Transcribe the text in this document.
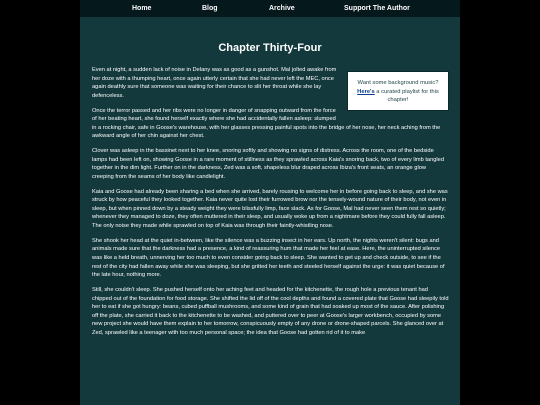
Home	Blog	Archive	Support The Author
Chapter Thirty-Four
Want some background music?
Here's a curated playlist for this chapter!

Even at night, a sudden lack of noise in Delany was as good as a gunshot. Mal jolted awake from her doze with a thumping heart, once again utterly certain that she had never left the MEC, once again deathly sure that someone was waiting for their chance to slit her throat while she lay defenceless.

Once the terror passed and her ribs were no longer in danger of snapping outward from the force of her beating heart, she found herself exactly where she had accidentally fallen asleep: slumped in a rocking chair, safe in Goose's warehouse, with her glasses pressing painful spots into the bridge of her nose, her neck aching from the awkward angle of her chin against her chest.

Clover was asleep in the bassinet next to her knee, snoring softly and showing no signs of distress. Across the room, one of the bedside lamps had been left on, showing Goose in a rare moment of stillness as they sprawled across Kaia's snoring back, two of every limb tangled together in the dim light. Further on in the darkness, Zed was a soft, shapeless blur draped across Ibiza's front seats, an orange glow creeping from the seams of her body like candlelight.

Kaia and Goose had already been sharing a bed when she arrived, barely rousing to welcome her in before going back to sleep, and she was struck by how peaceful they looked together. Kaia never quite lost their furrowed brow nor the tensely-wound nature of their body, not even in sleep, but when pinned down by a steady weight they were blissfully limp, face slack. As for Goose, Mal had never seen them rest so quietly; whenever they managed to doze, they often muttered in their sleep, and usually woke up from a nightmare before they could fully fall asleep. The only noise they made while sprawled on top of Kaia was through their faintly-whistling nose.

She shook her head at the quiet in-between, like the silence was a buzzing insect in her ears. Up north, the nights weren't silent: bugs and animals made sure that the darkness had a presence, a kind of reassuring hum that made her feel at ease. Here, the uninterrupted silence was like a held breath, unnerving her too much to even consider going back to sleep. She wanted to get up and check outside, to see if the rest of the city had fallen away while she was sleeping, but she gritted her teeth and steeled herself against the urge: it was quiet because of the late hour, nothing more.

Still, she couldn't sleep. She pushed herself onto her aching feet and headed for the kitchenette, the rough hole a previous tenant had chipped out of the foundation for food storage. She shifted the lid off of the cool depths and found a covered plate that Goose had sleepily told her to eat if she got hungry: beans, cubed puffball mushrooms, and some kind of grain that had soaked up most of the sauce. After polishing off the plate, she carried it back to the kitchenette to be washed, and puttered over to peer at Goose's larger workbench, occupied by some new project she would have them explain to her tomorrow, conspicuously empty of any drone or drone-shaped parcels. She glanced over at Zed, sprawled like a teenager with too much personal space; the idea that Goose had gotten rid of it to make
